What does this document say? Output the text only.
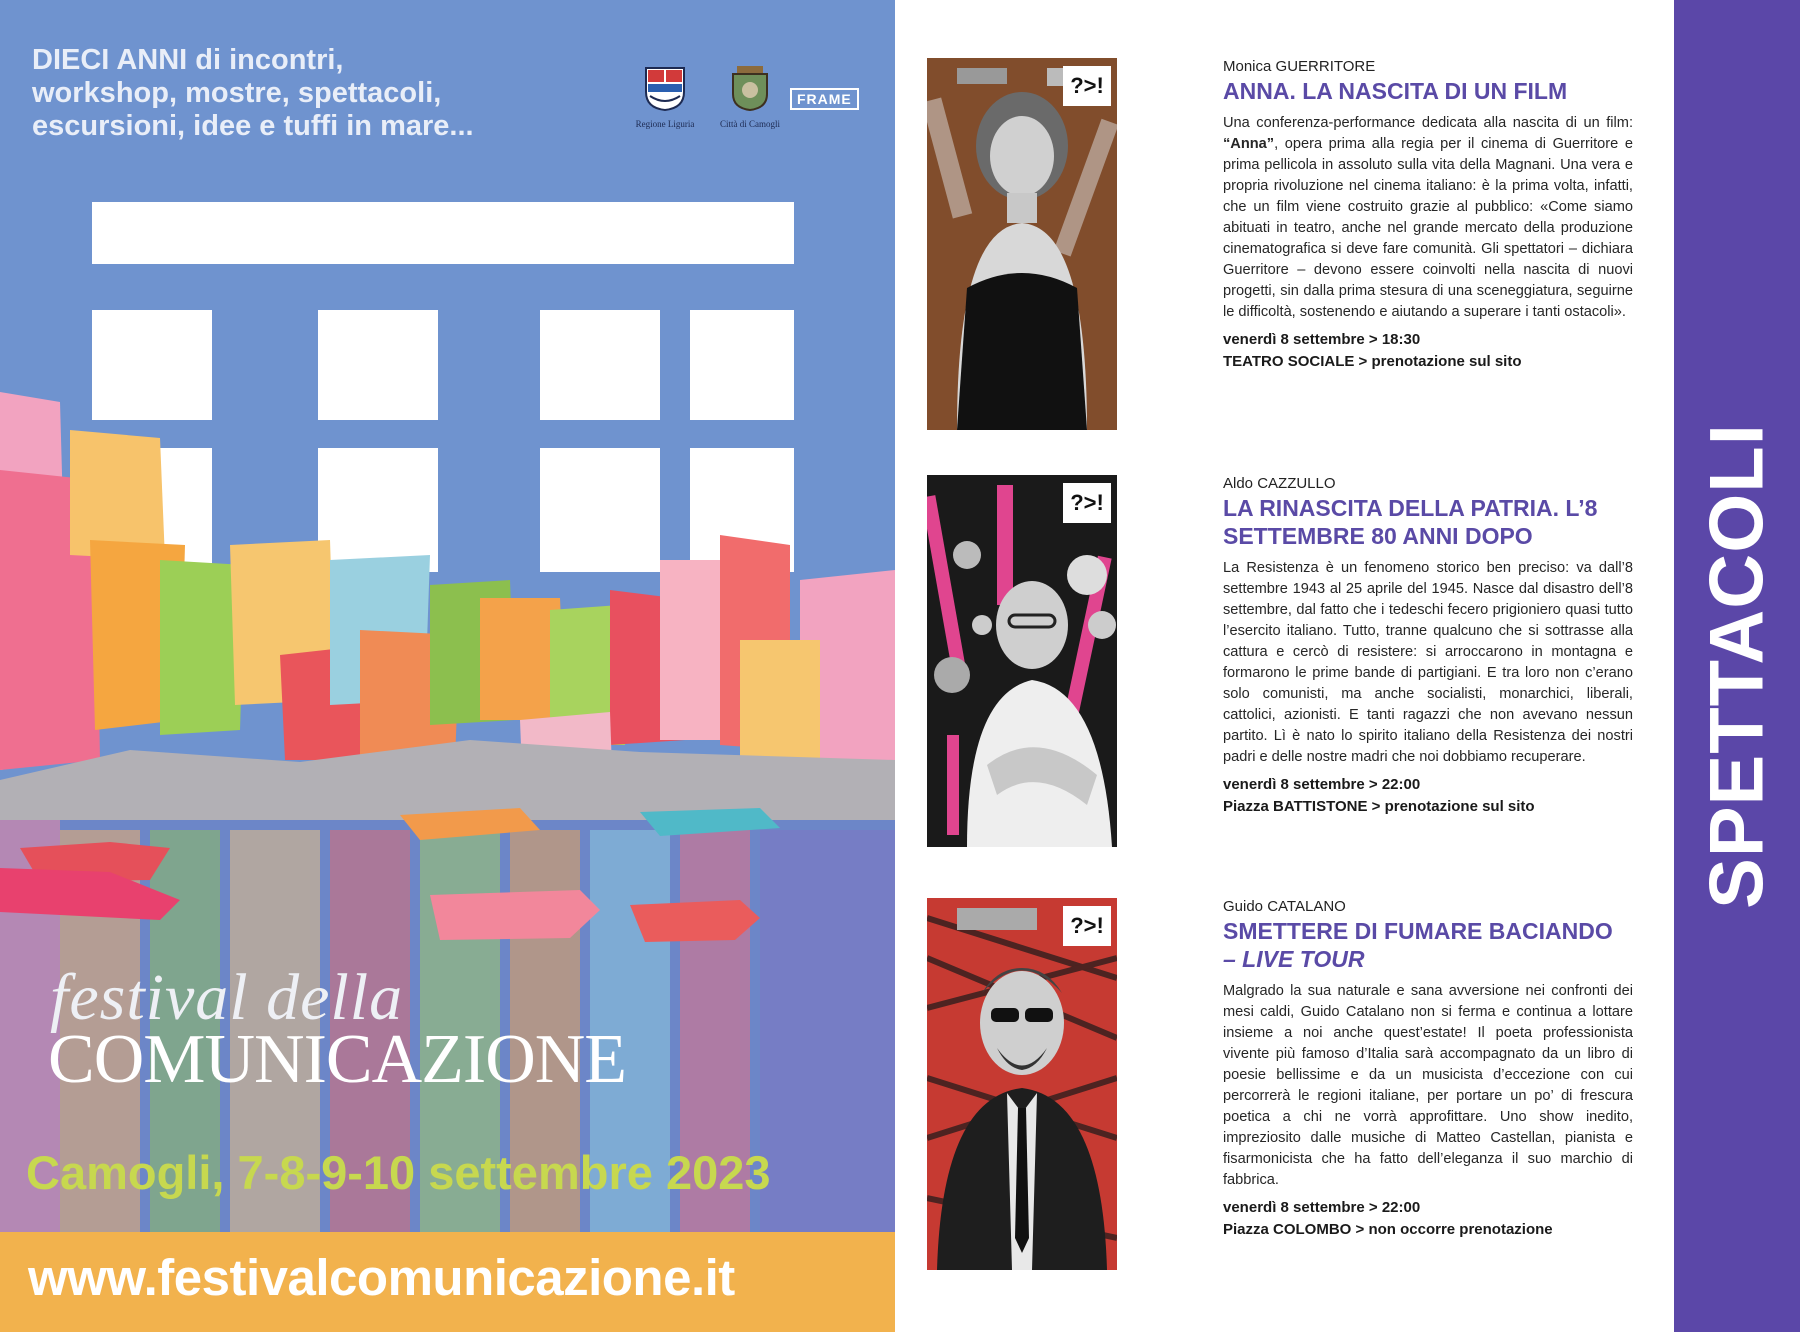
DIECI ANNI di incontri,
workshop, mostre, spettacoli,
escursioni, idee e tuffi in mare...	Regione Liguria	Città di Camogli
FRAME
festival della
COMUNICAZIONE
Camogli, 7-8-9-10 settembre 2023
www.festivalcomunicazione.it
?>!
Monica GUERRITORE
ANNA. LA NASCITA DI UN FILM
Una conferenza-performance dedicata alla nascita di un film: “Anna”, opera prima alla regia per il cinema di Guerritore e prima pellicola in assoluto sulla vita della Magnani. Una vera e propria rivoluzione nel cinema italiano: è la prima volta, infatti, che un film viene costruito grazie al pubblico: «Come siamo abituati in teatro, anche nel grande mercato della produzione cinematografica si deve fare comunità. Gli spettatori – dichiara Guerritore – devono essere coinvolti nella nascita di nuovi progetti, sin dalla prima stesura di una sceneggiatura, seguirne le difficoltà, sostenendo e aiutando a superare i tanti ostacoli».
venerdì 8 settembre > 18:30
TEATRO SOCIALE > prenotazione sul sito
?>!
Aldo CAZZULLO
LA RINASCITA DELLA PATRIA. L’8 SETTEMBRE 80 ANNI DOPO
La Resistenza è un fenomeno storico ben preciso: va dall’8 settembre 1943 al 25 aprile del 1945. Nasce dal disastro dell’8 settembre, dal fatto che i tedeschi fecero prigioniero quasi tutto l’esercito italiano. Tutto, tranne qualcuno che si sottrasse alla cattura e cercò di resistere: si arroccarono in montagna e formarono le prime bande di partigiani. E tra loro non c’erano solo comunisti, ma anche socialisti, monarchici, liberali, cattolici, azionisti. E tanti ragazzi che non avevano nessun partito. Lì è nato lo spirito italiano della Resistenza dei nostri padri e delle nostre madri che noi dobbiamo recuperare.
venerdì 8 settembre > 22:00
Piazza BATTISTONE > prenotazione sul sito
?>!
Guido CATALANO
SMETTERE DI FUMARE BACIANDO
– LIVE TOUR
Malgrado la sua naturale e sana avversione nei confronti dei mesi caldi, Guido Catalano non si ferma e continua a lottare insieme a noi anche quest’estate! Il poeta professionista vivente più famoso d’Italia sarà accompagnato da un libro di poesie bellissime e da un musicista d’eccezione con cui percorrerà le regioni italiane, per portare un po’ di frescura poetica a chi ne vorrà approfittare. Uno show inedito, impreziosito dalle musiche di Matteo Castellan, pianista e fisarmonicista che ha fatto dell’eleganza il suo marchio di fabbrica.
venerdì 8 settembre > 22:00
Piazza COLOMBO > non occorre prenotazione
SPETTACOLI
